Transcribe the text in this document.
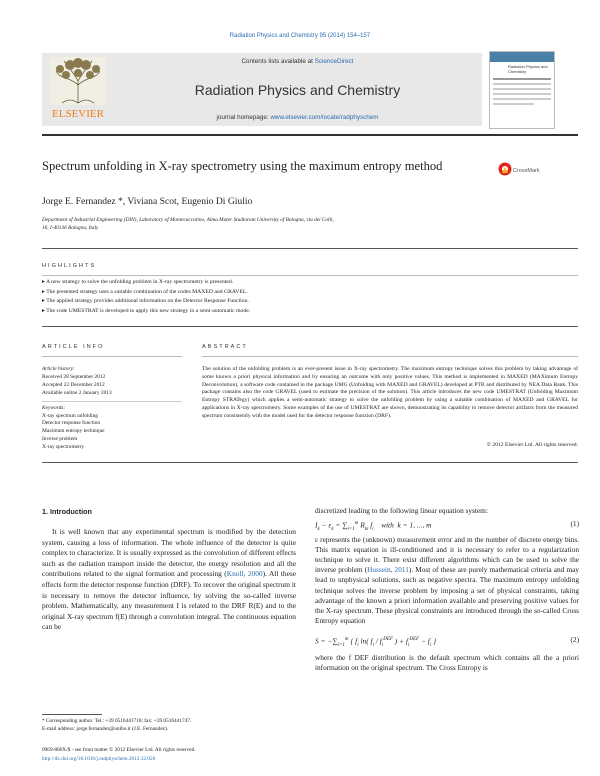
Radiation Physics and Chemistry 95 (2014) 154–157
ELSEVIER
Contents lists available at ScienceDirect
Radiation Physics and Chemistry
journal homepage: www.elsevier.com/locate/radphyschem
Radiation Physics and Chemistry
Spectrum unfolding in X-ray spectrometry using the maximum entropy method	CrossMark
Jorge E. Fernandez *, Viviana Scot, Eugenio Di Giulio
Department of Industrial Engineering (DIN), Laboratory of Montecuccolino, Alma Mater Studiorum University of Bologna, via dei Colli,
16, I-40136 Bologna, Italy
HIGHLIGHTS
▸ A new strategy to solve the unfolding problem in X-ray spectrometry is presented.
▸ The presented strategy uses a suitable combination of the codes MAXED and GRAVEL.
▸ The applied strategy provides additional information on the Detector Response Function.
▸ The code UMESTRAT is developed to apply this new strategy in a semi-automatic mode.
ARTICLE INFO
Article history:
Received 28 September 2012
Accepted 22 December 2012
Available online 2 January 2013
Keywords:
X-ray spectrum unfolding
Detector response function
Maximum entropy technique
Inverse problem
X-ray spectrometry
ABSTRACT
The solution of the unfolding problem is an ever-present issue in X-ray spectrometry. The maximum entropy technique solves this problem by taking advantage of some known a priori physical information and by ensuring an outcome with only positive values. This method is implemented in MAXED (MAXimum Entropy Deconvolution), a software code contained in the package UMG (Unfolding with MAXED and GRAVEL) developed at PTB and distributed by NEA Data Bank. This package contains also the code GRAVEL (used to estimate the precision of the solution). This article introduces the new code UMESTRAT (Unfolding Maximum Entropy STRATegy) which applies a semi-automatic strategy to solve the unfolding problem by using a suitable combination of MAXED and GRAVEL for applications in X-ray spectrometry. Some examples of the use of UMESTRAT are shown, demonstrating its capability to remove detector artifacts from the measured spectrum consistently with the model used for the detector response function (DRF).
© 2012 Elsevier Ltd. All rights reserved.
1. Introduction
It is well known that any experimental spectrum is modified by the detection system, causing a loss of information. The whole influence of the detector is quite complex to characterize. It is usually expressed as the convolution of different effects such as the radiation transport inside the detector, the energy resolution and all the contributions related to the signal formation and processing (Knoll, 2000). All these effects form the detector response function (DRF). To recover the original spectrum it is necessary to remove the detector influence, by solving the so-called inverse problem. Mathematically, any measurement I is related to the DRF R(E) and to the original X-ray spectrum f(E) through a convolution integral. The continuous equation can be
discretized leading to the following linear equation system:
$I_k - \varepsilon_k = \sum_{i=1}^m$ $R_{ki}$ $f_i$    with  k = 1, ..., m	(1)
ε represents the (unknown) measurement error and m the number of discrete energy bins. This matrix equation is ill-conditioned and it is necessary to refer to a regularization technique to solve it. There exist different algorithms which can be used to solve the inverse problem (Hussein, 2011). Most of these are purely mathematical criteria and may lead to unphysical solutions, such as negative spectra. The maximum entropy unfolding technique solves the inverse problem by imposing a set of physical constraints, taking advantage of the known a priori information available and preserving positive values for the X-ray spectrum. These physical constraints are introduced through the so-called Cross Entropy equation
$S = -\sum_{i=1}^m$ { $f_i$ ln( $f_i / f_i^{DEF}$ ) + $f_i^{DEF} - f_i$ }	(2)
where the f DEF distribution is the default spectrum which contains all the a priori information on the original spectrum. The Cross Entropy is
* Corresponding author. Tel.: +39 0516441718; fax: +39 0516441747.
E-mail address: jorge.fernandez@unibo.it (J.E. Fernandez).
0969-806X/$ - see front matter © 2012 Elsevier Ltd. All rights reserved.
http://dx.doi.org/10.1016/j.radphyschem.2012.12.026
